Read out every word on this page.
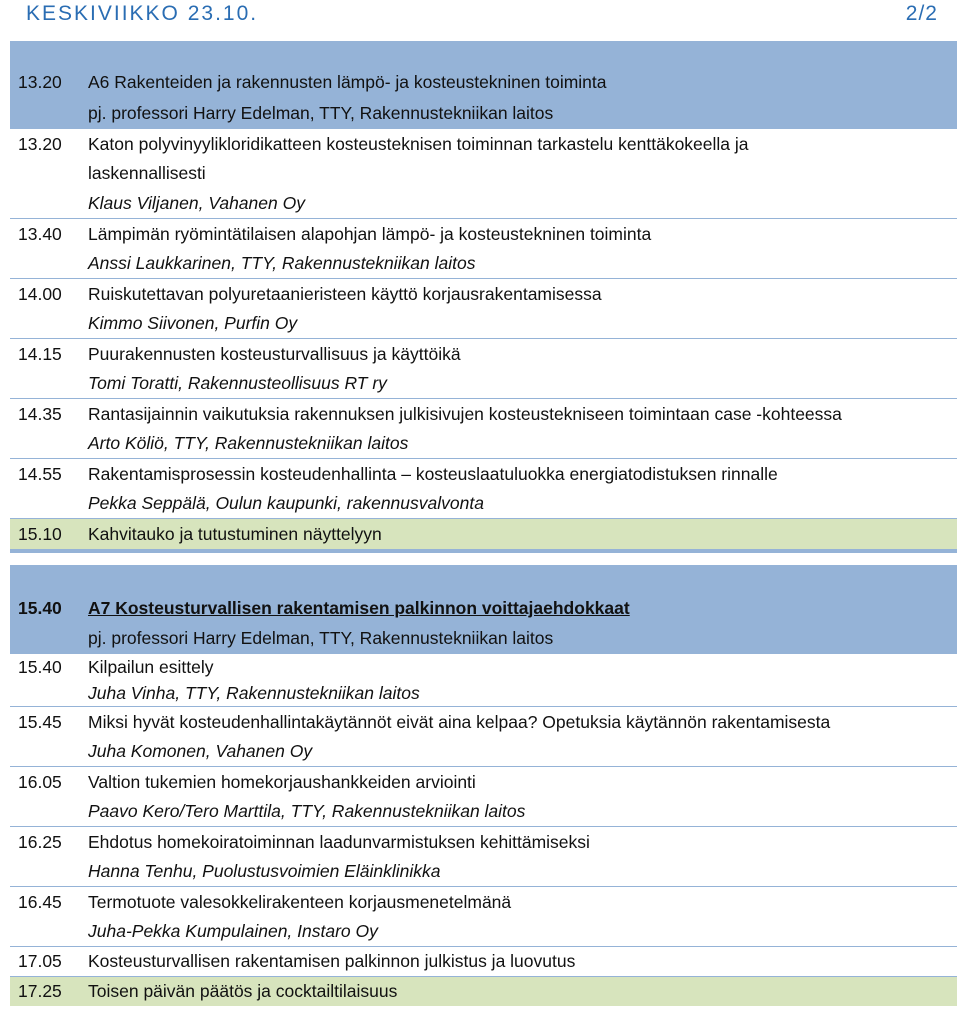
KESKIVIIKKO 23.10.	2/2
13.20 A6 Rakenteiden ja rakennusten lämpö- ja kosteustekninen toiminta
pj. professori Harry Edelman, TTY, Rakennustekniikan laitos
13.20 Katon polyvinyylikloridikatteen kosteusteknisen toiminnan tarkastelu kenttäkokeella ja
laskennallisesti
Klaus Viljanen, Vahanen Oy
13.40 Lämpimän ryömintätilaisen alapohjan lämpö- ja kosteustekninen toiminta
Anssi Laukkarinen, TTY, Rakennustekniikan laitos
14.00 Ruiskutettavan polyuretaanieristeen käyttö korjausrakentamisessa
Kimmo Siivonen, Purfin Oy
14.15 Puurakennusten kosteusturvallisuus ja käyttöikä
Tomi Toratti, Rakennusteollisuus RT ry
14.35 Rantasijainnin vaikutuksia rakennuksen julkisivujen kosteustekniseen toimintaan case -kohteessa
Arto Köliö, TTY, Rakennustekniikan laitos
14.55 Rakentamisprosessin kosteudenhallinta – kosteuslaatuluokka energiatodistuksen rinnalle
Pekka Seppälä, Oulun kaupunki, rakennusvalvonta
15.10 Kahvitauko ja tutustuminen näyttelyyn
15.40 A7 Kosteusturvallisen rakentamisen palkinnon voittajaehdokkaat
pj. professori Harry Edelman, TTY, Rakennustekniikan laitos
15.40 Kilpailun esittely
Juha Vinha, TTY, Rakennustekniikan laitos
15.45 Miksi hyvät kosteudenhallintakäytännöt eivät aina kelpaa? Opetuksia käytännön rakentamisesta
Juha Komonen, Vahanen Oy
16.05 Valtion tukemien homekorjaushankkeiden arviointi
Paavo Kero/Tero Marttila, TTY, Rakennustekniikan laitos
16.25 Ehdotus homekoiratoiminnan laadunvarmistuksen kehittämiseksi
Hanna Tenhu, Puolustusvoimien Eläinklinikka
16.45 Termotuote valesokkelirakenteen korjausmenetelmänä
Juha-Pekka Kumpulainen, Instaro Oy
17.05 Kosteusturvallisen rakentamisen palkinnon julkistus ja luovutus
17.25 Toisen päivän päätös ja cocktailtilaisuus
